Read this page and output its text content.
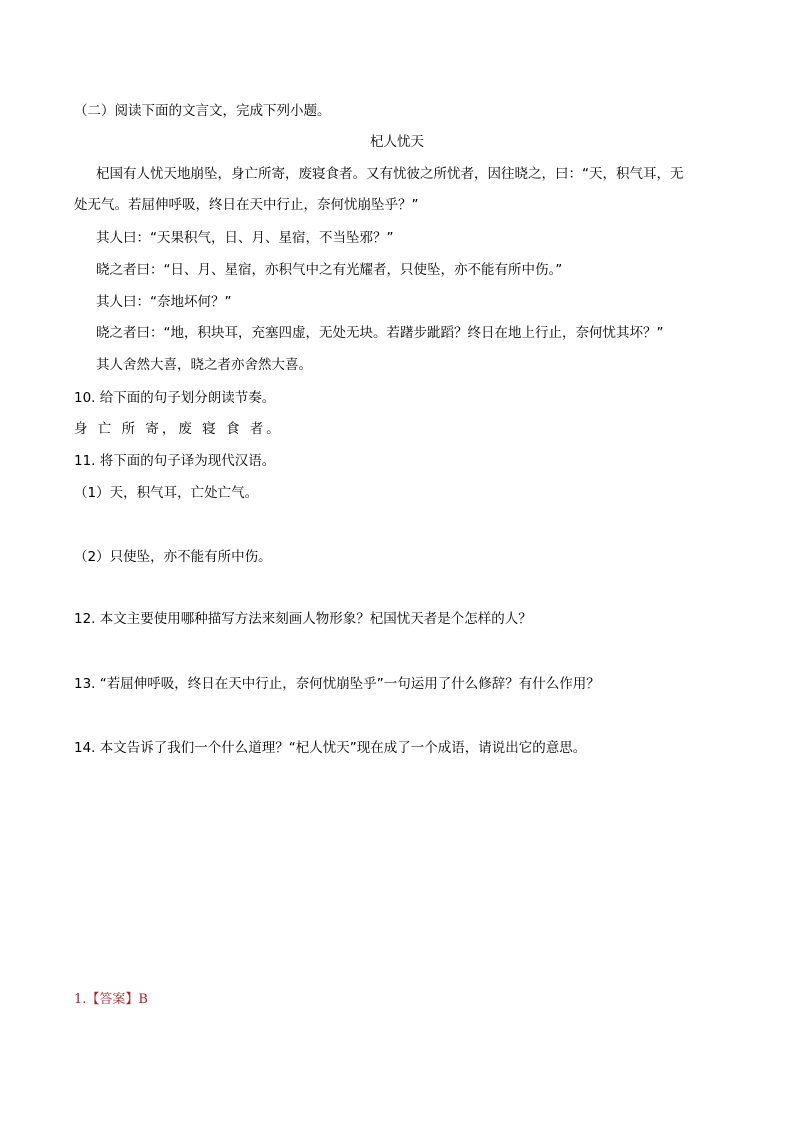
（二）阅读下面的文言文，完成下列小题。
杞人忧天
杞国有人忧天地崩坠，身亡所寄，废寝食者。又有忧彼之所忧者，因往晓之，曰：“天，积气耳，无
处无气。若屈伸呼吸，终日在天中行止，奈何忧崩坠乎？”
其人曰：“天果积气，日、月、星宿，不当坠邪？”
晓之者曰：“日、月、星宿，亦积气中之有光耀者，只使坠，亦不能有所中伤。”
其人曰：“奈地坏何？”
晓之者曰：“地，积块耳，充塞四虚，无处无块。若躇步跐蹈？终日在地上行止，奈何忧其坏？”
其人舍然大喜，晓之者亦舍然大喜。
10. 给下面的句子划分朗读节奏。
身 亡 所 寄，废 寝 食 者。
11. 将下面的句子译为现代汉语。
（1）天，积气耳，亡处亡气。
（2）只使坠，亦不能有所中伤。
12. 本文主要使用哪种描写方法来刻画人物形象？杞国忧天者是个怎样的人？
13. “若屈伸呼吸，终日在天中行止，奈何忧崩坠乎”一句运用了什么修辞？有什么作用？
14. 本文告诉了我们一个什么道理？“杞人忧天”现在成了一个成语，请说出它的意思。
1.【答案】B
